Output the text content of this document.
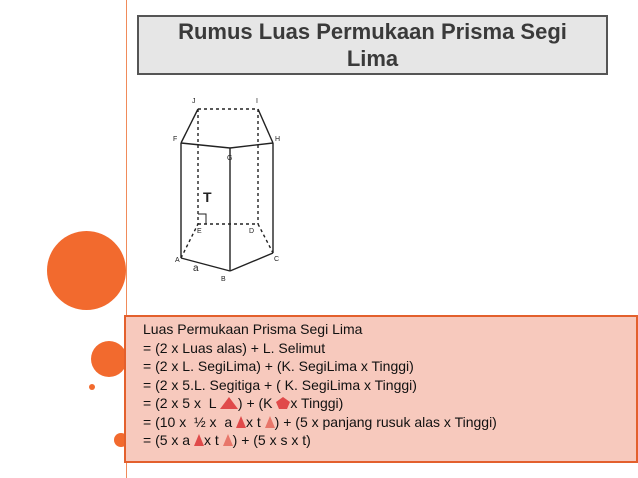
Rumus Luas Permukaan Prisma Segi Lima
J	I
F	H
G
E	D
A	C
B
T
a
Luas Permukaan Prisma Segi Lima
= (2 x Luas alas) + L. Selimut
= (2 x L. SegiLima) + (K. SegiLima x Tinggi)
= (2 x 5.L. Segitiga + ( K. SegiLima x Tinggi)
= (2 x 5 x  L ) + (K x Tinggi)
= (10 x  ½ x  a x t ) + (5 x panjang rusuk alas x Tinggi)
= (5 x a x t ) + (5 x s x t)
